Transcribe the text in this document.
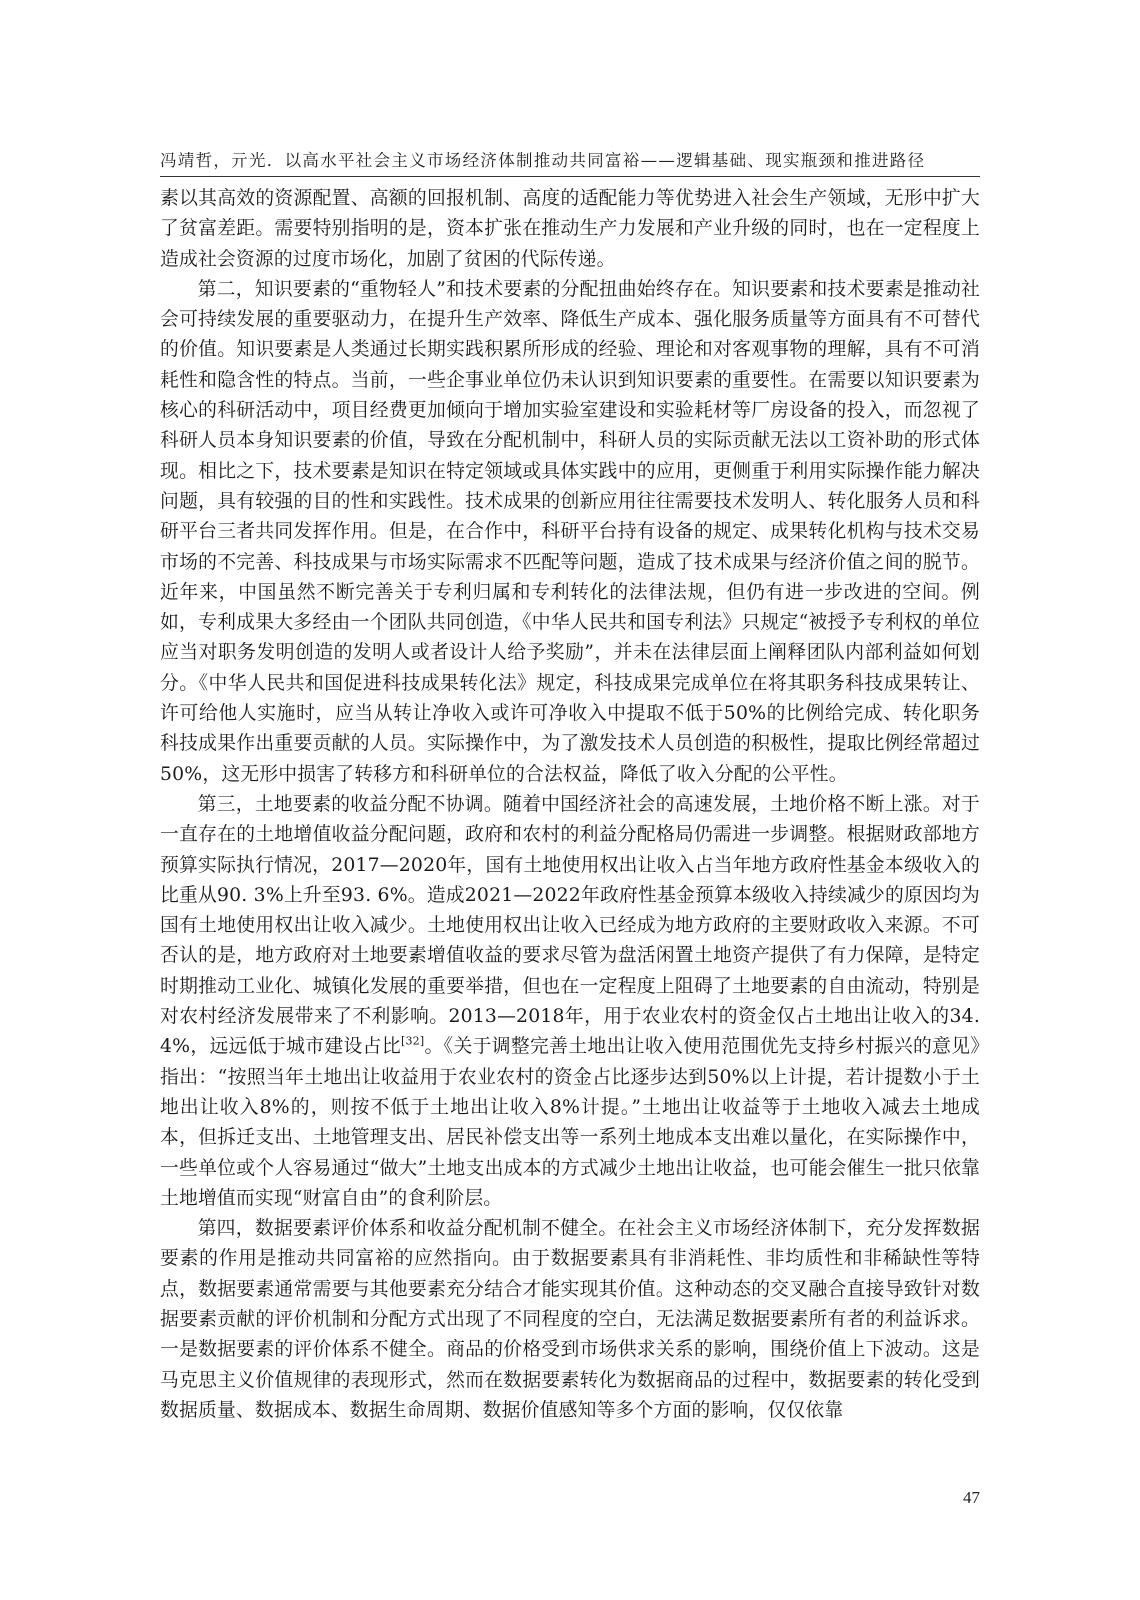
冯靖哲，亓光．以高水平社会主义市场经济体制推动共同富裕——逻辑基础、现实瓶颈和推进路径

素以其高效的资源配置、高额的回报机制、高度的适配能力等优势进入社会生产领域，无形中扩大了贫富差距。需要特别指明的是，资本扩张在推动生产力发展和产业升级的同时，也在一定程度上造成社会资源的过度市场化，加剧了贫困的代际传递。

第二，知识要素的“重物轻人”和技术要素的分配扭曲始终存在。知识要素和技术要素是推动社会可持续发展的重要驱动力，在提升生产效率、降低生产成本、强化服务质量等方面具有不可替代的价值。知识要素是人类通过长期实践积累所形成的经验、理论和对客观事物的理解，具有不可消耗性和隐含性的特点。当前，一些企事业单位仍未认识到知识要素的重要性。在需要以知识要素为核心的科研活动中，项目经费更加倾向于增加实验室建设和实验耗材等厂房设备的投入，而忽视了科研人员本身知识要素的价值，导致在分配机制中，科研人员的实际贡献无法以工资补助的形式体现。相比之下，技术要素是知识在特定领域或具体实践中的应用，更侧重于利用实际操作能力解决问题，具有较强的目的性和实践性。技术成果的创新应用往往需要技术发明人、转化服务人员和科研平台三者共同发挥作用。但是，在合作中，科研平台持有设备的规定、成果转化机构与技术交易市场的不完善、科技成果与市场实际需求不匹配等问题，造成了技术成果与经济价值之间的脱节。近年来，中国虽然不断完善关于专利归属和专利转化的法律法规，但仍有进一步改进的空间。例如，专利成果大多经由一个团队共同创造，《中华人民共和国专利法》只规定“被授予专利权的单位应当对职务发明创造的发明人或者设计人给予奖励”，并未在法律层面上阐释团队内部利益如何划分。《中华人民共和国促进科技成果转化法》规定，科技成果完成单位在将其职务科技成果转让、许可给他人实施时，应当从转让净收入或许可净收入中提取不低于50%的比例给完成、转化职务科技成果作出重要贡献的人员。实际操作中，为了激发技术人员创造的积极性，提取比例经常超过50%，这无形中损害了转移方和科研单位的合法权益，降低了收入分配的公平性。

第三，土地要素的收益分配不协调。随着中国经济社会的高速发展，土地价格不断上涨。对于一直存在的土地增值收益分配问题，政府和农村的利益分配格局仍需进一步调整。根据财政部地方预算实际执行情况，2017—2020年，国有土地使用权出让收入占当年地方政府性基金本级收入的比重从90. 3%上升至93. 6%。造成2021—2022年政府性基金预算本级收入持续减少的原因均为国有土地使用权出让收入减少。土地使用权出让收入已经成为地方政府的主要财政收入来源。不可否认的是，地方政府对土地要素增值收益的要求尽管为盘活闲置土地资产提供了有力保障，是特定时期推动工业化、城镇化发展的重要举措，但也在一定程度上阻碍了土地要素的自由流动，特别是对农村经济发展带来了不利影响。2013—2018年，用于农业农村的资金仅占土地出让收入的34. 4%，远远低于城市建设占比[32]。《关于调整完善土地出让收入使用范围优先支持乡村振兴的意见》指出：“按照当年土地出让收益用于农业农村的资金占比逐步达到50%以上计提，若计提数小于土地出让收入8%的，则按不低于土地出让收入8%计提。”土地出让收益等于土地收入减去土地成本，但拆迁支出、土地管理支出、居民补偿支出等一系列土地成本支出难以量化，在实际操作中，一些单位或个人容易通过“做大”土地支出成本的方式减少土地出让收益，也可能会催生一批只依靠土地增值而实现“财富自由”的食利阶层。

第四，数据要素评价体系和收益分配机制不健全。在社会主义市场经济体制下，充分发挥数据要素的作用是推动共同富裕的应然指向。由于数据要素具有非消耗性、非均质性和非稀缺性等特点，数据要素通常需要与其他要素充分结合才能实现其价值。这种动态的交叉融合直接导致针对数据要素贡献的评价机制和分配方式出现了不同程度的空白，无法满足数据要素所有者的利益诉求。一是数据要素的评价体系不健全。商品的价格受到市场供求关系的影响，围绕价值上下波动。这是马克思主义价值规律的表现形式，然而在数据要素转化为数据商品的过程中，数据要素的转化受到数据质量、数据成本、数据生命周期、数据价值感知等多个方面的影响，仅仅依靠

47
